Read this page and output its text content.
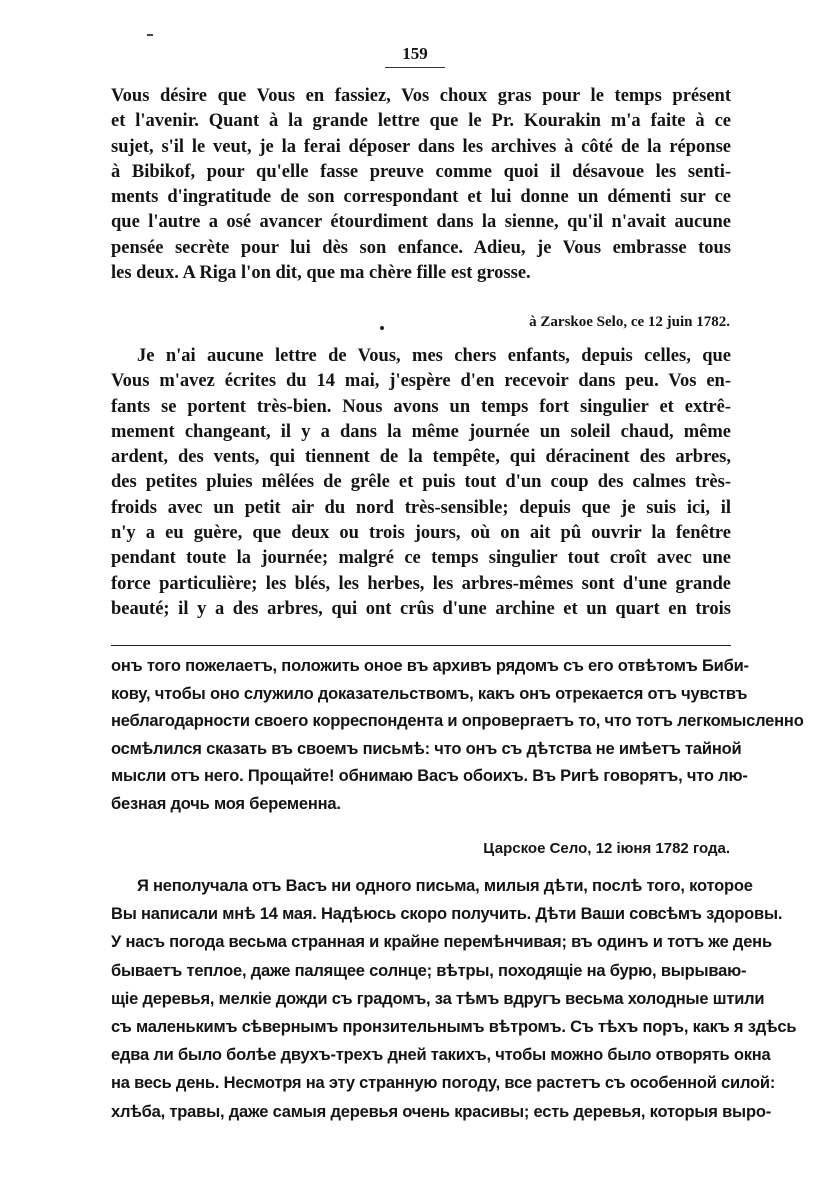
159
Vous désire que Vous en fassiez, Vos choux gras pour le temps présent
et l'avenir. Quant à la grande lettre que le Pr. Kourakin m'a faite à ce
sujet, s'il le veut, je la ferai déposer dans les archives à côté de la réponse
à Bibikof, pour qu'elle fasse preuve comme quoi il désavoue les senti-
ments d'ingratitude de son correspondant et lui donne un démenti sur ce
que l'autre a osé avancer étourdiment dans la sienne, qu'il n'avait aucune
pensée secrète pour lui dès son enfance. Adieu, je Vous embrasse tous
les deux. A Riga l'on dit, que ma chère fille est grosse.
à Zarskoe Selo, ce 12 juin 1782.
Je n'ai aucune lettre de Vous, mes chers enfants, depuis celles, que
Vous m'avez écrites du 14 mai, j'espère d'en recevoir dans peu. Vos en-
fants se portent très-bien. Nous avons un temps fort singulier et extrê-
mement changeant, il y a dans la même journée un soleil chaud, même
ardent, des vents, qui tiennent de la tempête, qui déracinent des arbres,
des petites pluies mêlées de grêle et puis tout d'un coup des calmes très-
froids avec un petit air du nord très-sensible; depuis que je suis ici, il
n'y a eu guère, que deux ou trois jours, où on ait pû ouvrir la fenêtre
pendant toute la journée; malgré ce temps singulier tout croît avec une
force particulière; les blés, les herbes, les arbres-mêmes sont d'une grande
beauté; il y a des arbres, qui ont crûs d'une archine et un quart en trois
онъ того пожелаетъ, положить оное въ архивъ рядомъ съ его отвѣтомъ Биби-
кову, чтобы оно служило доказательствомъ, какъ онъ отрекается отъ чувствъ
неблагодарности своего корреспондента и опровергаетъ то, что тотъ легкомысленно
осмѣлился сказать въ своемъ письмѣ: что онъ съ дѣтства не имѣетъ тайной
мысли отъ него. Прощайте! обнимаю Васъ обоихъ. Въ Ригѣ говорятъ, что лю-
безная дочь моя беременна.
Царское Село, 12 іюня 1782 года.
Я неполучала отъ Васъ ни одного письма, милыя дѣти, послѣ того, которое
Вы написали мнѣ 14 мая. Надѣюсь скоро получить. Дѣти Ваши совсѣмъ здоровы.
У насъ погода весьма странная и крайне перемѣнчивая; въ одинъ и тотъ же день
бываетъ теплое, даже палящее солнце; вѣтры, походящіе на бурю, вырываю-
щіе деревья, мелкіе дожди съ градомъ, за тѣмъ вдругъ весьма холодные штили
съ маленькимъ сѣвернымъ пронзительнымъ вѣтромъ. Съ тѣхъ поръ, какъ я здѣсь
едва ли было болѣе двухъ-трехъ дней такихъ, чтобы можно было отворять окна
на весь день. Несмотря на эту странную погоду, все растетъ съ особенной силой:
хлѣба, травы, даже самыя деревья очень красивы; есть деревья, которыя выро-
